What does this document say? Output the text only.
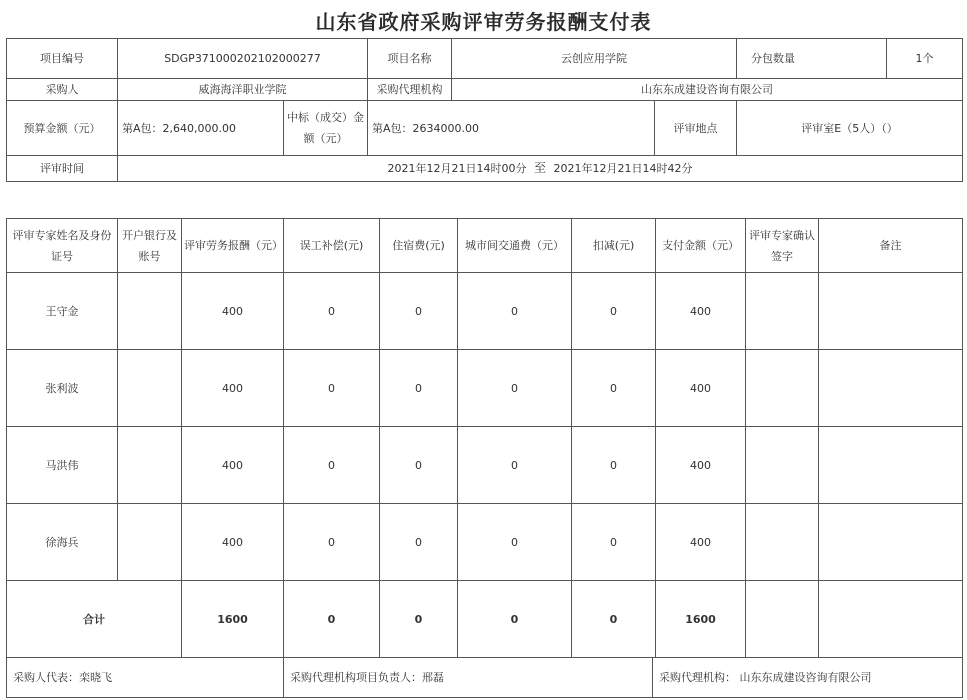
山东省政府采购评审劳务报酬支付表
项目编号	SDGP371000202102000277		项目名称	云创应用学院		分包数量	1个
采购人	威海海洋职业学院		采购代理机构	山东东成建设咨询有限公司			
预算金额（元）	第A包：2,640,000.00	中标（成交）金额（元）	第A包：2634000.00		评审地点	评审室E（5人）（）	
评审时间	2021年12月21日14时00分 至 2021年12月21日14时42分						
评审专家姓名及身份证号	开户银行及账号	评审劳务报酬（元）	误工补偿(元)	住宿费(元)	城市间交通费（元）	扣减(元)	支付金额（元）	评审专家确认签字	备注
王守金		400	0	0	0	0	400		
张利波		400	0	0	0	0	400		
马洪伟		400	0	0	0	0	400		
徐海兵		400	0	0	0	0	400		
合计		1600	0	0	0	0	1600		
采购人代表：栾晓飞	采购代理机构项目负责人：邢磊	采购代理机构： 山东东成建设咨询有限公司
